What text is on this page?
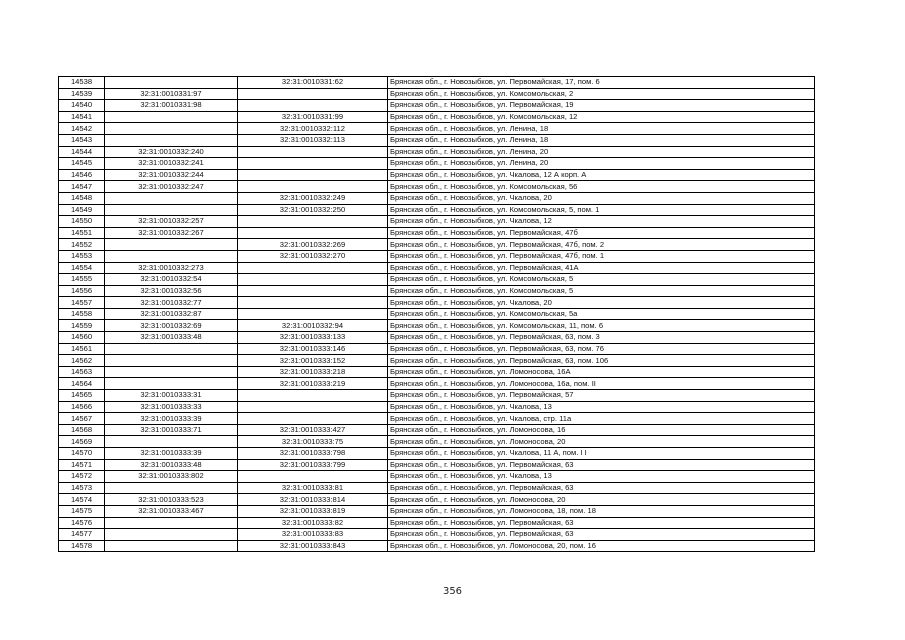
14538		32:31:0010331:62	Брянская обл., г. Новозыбков, ул. Первомайская, 17, пом. 6
14539	32:31:0010331:97		Брянская обл., г. Новозыбков, ул. Комсомольская, 2
14540	32:31:0010331:98		Брянская обл., г. Новозыбков, ул. Первомайская, 19
14541		32:31:0010331:99	Брянская обл., г. Новозыбков, ул. Комсомольская, 12
14542		32:31:0010332:112	Брянская обл., г. Новозыбков, ул. Ленина, 18
14543		32:31:0010332:113	Брянская обл., г. Новозыбков, ул. Ленина, 18
14544	32:31:0010332:240		Брянская обл., г. Новозыбков, ул. Ленина, 20
14545	32:31:0010332:241		Брянская обл., г. Новозыбков, ул. Ленина, 20
14546	32:31:0010332:244		Брянская обл., г. Новозыбков, ул. Чкалова, 12 А корп. А
14547	32:31:0010332:247		Брянская обл., г. Новозыбков, ул. Комсомольская, 56
14548		32:31:0010332:249	Брянская обл., г. Новозыбков, ул. Чкалова, 20
14549		32:31:0010332:250	Брянская обл., г. Новозыбков, ул. Комсомольская, 5, пом. 1
14550	32:31:0010332:257		Брянская обл., г. Новозыбков, ул. Чкалова, 12
14551	32:31:0010332:267		Брянская обл., г. Новозыбков, ул. Первомайская, 47б
14552		32:31:0010332:269	Брянская обл., г. Новозыбков, ул. Первомайская, 47б, пом. 2
14553		32:31:0010332:270	Брянская обл., г. Новозыбков, ул. Первомайская, 47б, пом. 1
14554	32:31:0010332:273		Брянская обл., г. Новозыбков, ул. Первомайская, 41А
14555	32:31:0010332:54		Брянская обл., г. Новозыбков, ул. Комсомольская, 5
14556	32:31:0010332:56		Брянская обл., г. Новозыбков, ул. Комсомольская, 5
14557	32:31:0010332:77		Брянская обл., г. Новозыбков, ул. Чкалова, 20
14558	32:31:0010332:87		Брянская обл., г. Новозыбков, ул. Комсомольская, 5а
14559	32:31:0010332:69	32:31:0010332:94	Брянская обл., г. Новозыбков, ул. Комсомольская, 11, пом. 6
14560	32:31:0010333:48	32:31:0010333:133	Брянская обл., г. Новозыбков, ул. Первомайская, 63, пом. 3
14561		32:31:0010333:146	Брянская обл., г. Новозыбков, ул. Первомайская, 63, пом. 76
14562		32:31:0010333:152	Брянская обл., г. Новозыбков, ул. Первомайская, 63, пом. 106
14563		32:31:0010333:218	Брянская обл., г. Новозыбков, ул. Ломоносова, 16А
14564		32:31:0010333:219	Брянская обл., г. Новозыбков, ул. Ломоносова, 16а, пом. II
14565	32:31:0010333:31		Брянская обл., г. Новозыбков, ул. Первомайская, 57
14566	32:31:0010333:33		Брянская обл., г. Новозыбков, ул. Чкалова, 13
14567	32:31:0010333:39		Брянская обл., г. Новозыбков, ул. Чкалова, стр. 11а
14568	32:31:0010333:71	32:31:0010333:427	Брянская обл., г. Новозыбков, ул. Ломоносова, 16
14569		32:31:0010333:75	Брянская обл., г. Новозыбков, ул. Ломоносова, 20
14570	32:31:0010333:39	32:31:0010333:798	Брянская обл., г. Новозыбков, ул. Чкалова, 11 А, пом. I I
14571	32:31:0010333:48	32:31:0010333:799	Брянская обл., г. Новозыбков, ул. Первомайская, 63
14572	32:31:0010333:802		Брянская обл., г. Новозыбков, ул. Чкалова, 13
14573		32:31:0010333:81	Брянская обл., г. Новозыбков, ул. Первомайская, 63
14574	32:31:0010333:523	32:31:0010333:814	Брянская обл., г. Новозыбков, ул. Ломоносова, 20
14575	32:31:0010333:467	32:31:0010333:819	Брянская обл., г. Новозыбков, ул. Ломоносова, 18, пом. 18
14576		32:31:0010333:82	Брянская обл., г. Новозыбков, ул. Первомайская, 63
14577		32:31:0010333:83	Брянская обл., г. Новозыбков, ул. Первомайская, 63
14578		32:31:0010333:843	Брянская обл., г. Новозыбков, ул. Ломоносова, 20, пом. 16
356
